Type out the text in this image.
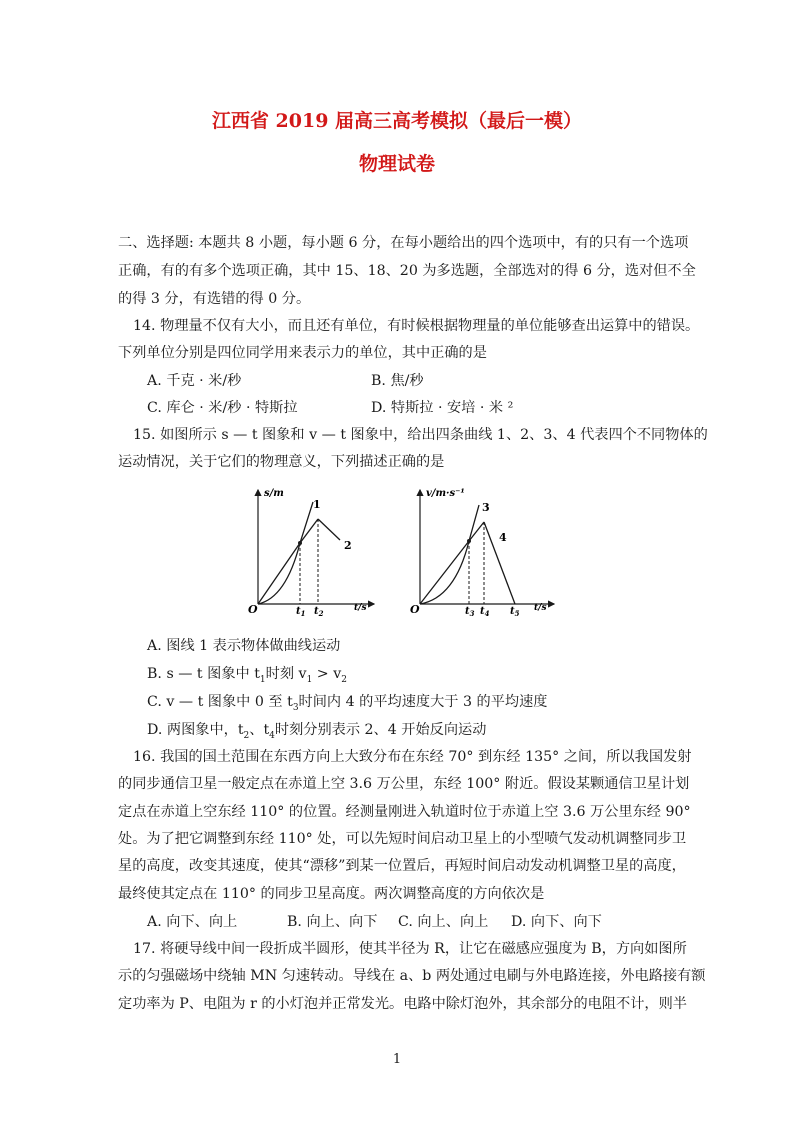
江西省 2019 届高三高考模拟（最后一模）
物理试卷
二、选择题: 本题共 8 小题，每小题 6 分，在每小题给出的四个选项中，有的只有一个选项
正确，有的有多个选项正确，其中 15、18、20 为多选题，全部选对的得 6 分，选对但不全
的得 3 分，有选错的得 0 分。
14. 物理量不仅有大小，而且还有单位，有时候根据物理量的单位能够查出运算中的错误。
下列单位分别是四位同学用来表示力的单位，其中正确的是
A. 千克 · 米/秒	B. 焦/秒
C. 库仑 · 米/秒 · 特斯拉	D. 特斯拉 · 安培 · 米 ²
15. 如图所示 s — t 图象和 v — t 图象中，给出四条曲线 1、2、3、4 代表四个不同物体的
运动情况，关于它们的物理意义，下列描述正确的是
s/m
t/s
O
1
2
$t_1$ $t_2$
v/m·s⁻¹
t/s
O
3
4
$t_3$ $t_4$ $t_5$
A. 图线 1 表示物体做曲线运动
B. s — t 图象中 $t_1$时刻 $v_1 > v_2$
C. v — t 图象中 0 至 $t_3$时间内 4 的平均速度大于 3 的平均速度
D. 两图象中，$t_2$、$t_4$时刻分别表示 2、4 开始反向运动
16. 我国的国土范围在东西方向上大致分布在东经 70° 到东经 135° 之间，所以我国发射
的同步通信卫星一般定点在赤道上空 3.6 万公里，东经 100° 附近。假设某颗通信卫星计划
定点在赤道上空东经 110° 的位置。经测量刚进入轨道时位于赤道上空 3.6 万公里东经 90°
处。为了把它调整到东经 110° 处，可以先短时间启动卫星上的小型喷气发动机调整同步卫
星的高度，改变其速度，使其“漂移”到某一位置后，再短时间启动发动机调整卫星的高度，
最终使其定点在 110° 的同步卫星高度。两次调整高度的方向依次是
A. 向下、向上	B. 向上、向下 C. 向上、向上 D. 向下、向下
17. 将硬导线中间一段折成半圆形，使其半径为 R，让它在磁感应强度为 B，方向如图所
示的匀强磁场中绕轴 MN 匀速转动。导线在 a、b 两处通过电刷与外电路连接，外电路接有额
定功率为 P、电阻为 r 的小灯泡并正常发光。电路中除灯泡外，其余部分的电阻不计，则半
1
